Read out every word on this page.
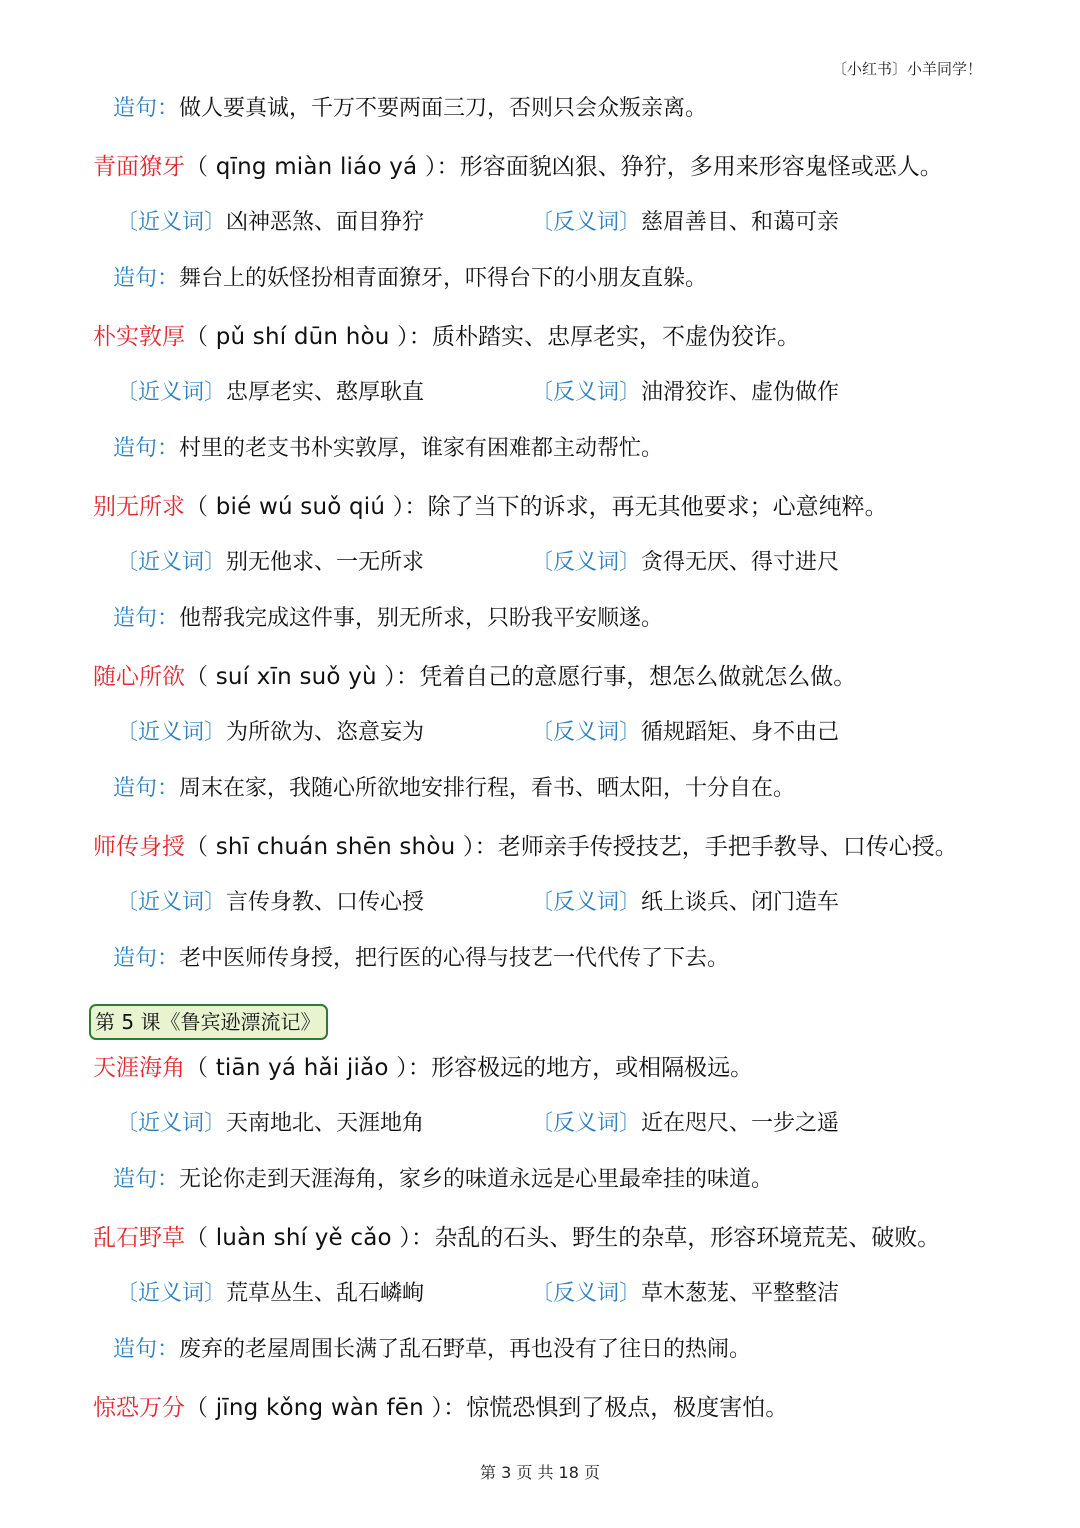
〔小红书〕小羊同学！
造句：做人要真诚，千万不要两面三刀，否则只会众叛亲离。
青面獠牙（ qīng miàn liáo yá ）：形容面貌凶狠、狰狞，多用来形容鬼怪或恶人。
〔近义词〕凶神恶煞、面目狰狞	〔反义词〕慈眉善目、和蔼可亲
造句：舞台上的妖怪扮相青面獠牙，吓得台下的小朋友直躲。
朴实敦厚（ pǔ shí dūn hòu ）：质朴踏实、忠厚老实，不虚伪狡诈。
〔近义词〕忠厚老实、憨厚耿直	〔反义词〕油滑狡诈、虚伪做作
造句：村里的老支书朴实敦厚，谁家有困难都主动帮忙。
别无所求（ bié wú suǒ qiú ）：除了当下的诉求，再无其他要求；心意纯粹。
〔近义词〕别无他求、一无所求	〔反义词〕贪得无厌、得寸进尺
造句：他帮我完成这件事，别无所求，只盼我平安顺遂。
随心所欲（ suí xīn suǒ yù ）：凭着自己的意愿行事，想怎么做就怎么做。
〔近义词〕为所欲为、恣意妄为	〔反义词〕循规蹈矩、身不由己
造句：周末在家，我随心所欲地安排行程，看书、晒太阳，十分自在。
师传身授（ shī chuán shēn shòu ）：老师亲手传授技艺，手把手教导、口传心授。
〔近义词〕言传身教、口传心授	〔反义词〕纸上谈兵、闭门造车
造句：老中医师传身授，把行医的心得与技艺一代代传了下去。
第 5 课《鲁宾逊漂流记》
天涯海角（ tiān yá hǎi jiǎo ）：形容极远的地方，或相隔极远。
〔近义词〕天南地北、天涯地角	〔反义词〕近在咫尺、一步之遥
造句：无论你走到天涯海角，家乡的味道永远是心里最牵挂的味道。
乱石野草（ luàn shí yě cǎo ）：杂乱的石头、野生的杂草，形容环境荒芜、破败。
〔近义词〕荒草丛生、乱石嶙峋	〔反义词〕草木葱茏、平整整洁
造句：废弃的老屋周围长满了乱石野草，再也没有了往日的热闹。
惊恐万分（ jīng kǒng wàn fēn ）：惊慌恐惧到了极点，极度害怕。
第 3 页 共 18 页
